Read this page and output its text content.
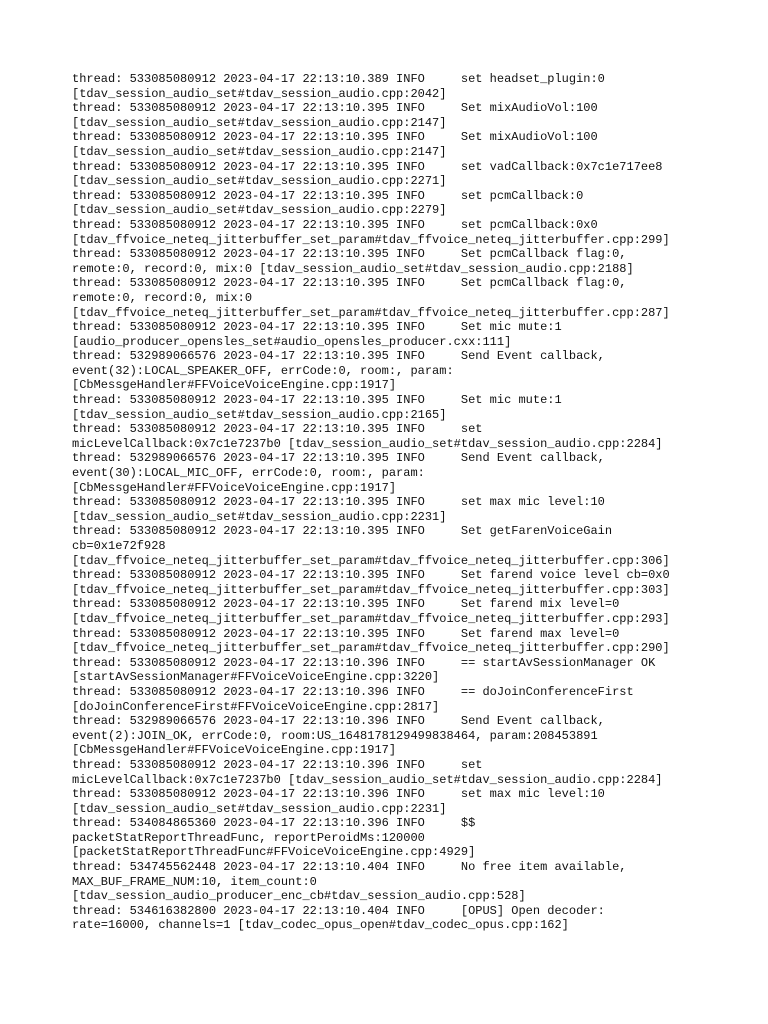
thread: 533085080912 2023-04-17 22:13:10.389 INFO     set headset_plugin:0
[tdav_session_audio_set#tdav_session_audio.cpp:2042]
thread: 533085080912 2023-04-17 22:13:10.395 INFO     Set mixAudioVol:100
[tdav_session_audio_set#tdav_session_audio.cpp:2147]
thread: 533085080912 2023-04-17 22:13:10.395 INFO     Set mixAudioVol:100
[tdav_session_audio_set#tdav_session_audio.cpp:2147]
thread: 533085080912 2023-04-17 22:13:10.395 INFO     set vadCallback:0x7c1e717ee8
[tdav_session_audio_set#tdav_session_audio.cpp:2271]
thread: 533085080912 2023-04-17 22:13:10.395 INFO     set pcmCallback:0
[tdav_session_audio_set#tdav_session_audio.cpp:2279]
thread: 533085080912 2023-04-17 22:13:10.395 INFO     set pcmCallback:0x0
[tdav_ffvoice_neteq_jitterbuffer_set_param#tdav_ffvoice_neteq_jitterbuffer.cpp:299]
thread: 533085080912 2023-04-17 22:13:10.395 INFO     Set pcmCallback flag:0,
remote:0, record:0, mix:0 [tdav_session_audio_set#tdav_session_audio.cpp:2188]
thread: 533085080912 2023-04-17 22:13:10.395 INFO     Set pcmCallback flag:0,
remote:0, record:0, mix:0
[tdav_ffvoice_neteq_jitterbuffer_set_param#tdav_ffvoice_neteq_jitterbuffer.cpp:287]
thread: 533085080912 2023-04-17 22:13:10.395 INFO     Set mic mute:1
[audio_producer_opensles_set#audio_opensles_producer.cxx:111]
thread: 532989066576 2023-04-17 22:13:10.395 INFO     Send Event callback,
event(32):LOCAL_SPEAKER_OFF, errCode:0, room:, param:
[CbMessgeHandler#FFVoiceVoiceEngine.cpp:1917]
thread: 533085080912 2023-04-17 22:13:10.395 INFO     Set mic mute:1
[tdav_session_audio_set#tdav_session_audio.cpp:2165]
thread: 533085080912 2023-04-17 22:13:10.395 INFO     set
micLevelCallback:0x7c1e7237b0 [tdav_session_audio_set#tdav_session_audio.cpp:2284]
thread: 532989066576 2023-04-17 22:13:10.395 INFO     Send Event callback,
event(30):LOCAL_MIC_OFF, errCode:0, room:, param:
[CbMessgeHandler#FFVoiceVoiceEngine.cpp:1917]
thread: 533085080912 2023-04-17 22:13:10.395 INFO     set max mic level:10
[tdav_session_audio_set#tdav_session_audio.cpp:2231]
thread: 533085080912 2023-04-17 22:13:10.395 INFO     Set getFarenVoiceGain
cb=0x1e72f928
[tdav_ffvoice_neteq_jitterbuffer_set_param#tdav_ffvoice_neteq_jitterbuffer.cpp:306]
thread: 533085080912 2023-04-17 22:13:10.395 INFO     Set farend voice level cb=0x0
[tdav_ffvoice_neteq_jitterbuffer_set_param#tdav_ffvoice_neteq_jitterbuffer.cpp:303]
thread: 533085080912 2023-04-17 22:13:10.395 INFO     Set farend mix level=0
[tdav_ffvoice_neteq_jitterbuffer_set_param#tdav_ffvoice_neteq_jitterbuffer.cpp:293]
thread: 533085080912 2023-04-17 22:13:10.395 INFO     Set farend max level=0
[tdav_ffvoice_neteq_jitterbuffer_set_param#tdav_ffvoice_neteq_jitterbuffer.cpp:290]
thread: 533085080912 2023-04-17 22:13:10.396 INFO     == startAvSessionManager OK
[startAvSessionManager#FFVoiceVoiceEngine.cpp:3220]
thread: 533085080912 2023-04-17 22:13:10.396 INFO     == doJoinConferenceFirst
[doJoinConferenceFirst#FFVoiceVoiceEngine.cpp:2817]
thread: 532989066576 2023-04-17 22:13:10.396 INFO     Send Event callback,
event(2):JOIN_OK, errCode:0, room:US_1648178129499838464, param:208453891
[CbMessgeHandler#FFVoiceVoiceEngine.cpp:1917]
thread: 533085080912 2023-04-17 22:13:10.396 INFO     set
micLevelCallback:0x7c1e7237b0 [tdav_session_audio_set#tdav_session_audio.cpp:2284]
thread: 533085080912 2023-04-17 22:13:10.396 INFO     set max mic level:10
[tdav_session_audio_set#tdav_session_audio.cpp:2231]
thread: 534084865360 2023-04-17 22:13:10.396 INFO     $$
packetStatReportThreadFunc, reportPeroidMs:120000
[packetStatReportThreadFunc#FFVoiceVoiceEngine.cpp:4929]
thread: 534745562448 2023-04-17 22:13:10.404 INFO     No free item available,
MAX_BUF_FRAME_NUM:10, item_count:0
[tdav_session_audio_producer_enc_cb#tdav_session_audio.cpp:528]
thread: 534616382800 2023-04-17 22:13:10.404 INFO     [OPUS] Open decoder:
rate=16000, channels=1 [tdav_codec_opus_open#tdav_codec_opus.cpp:162]
